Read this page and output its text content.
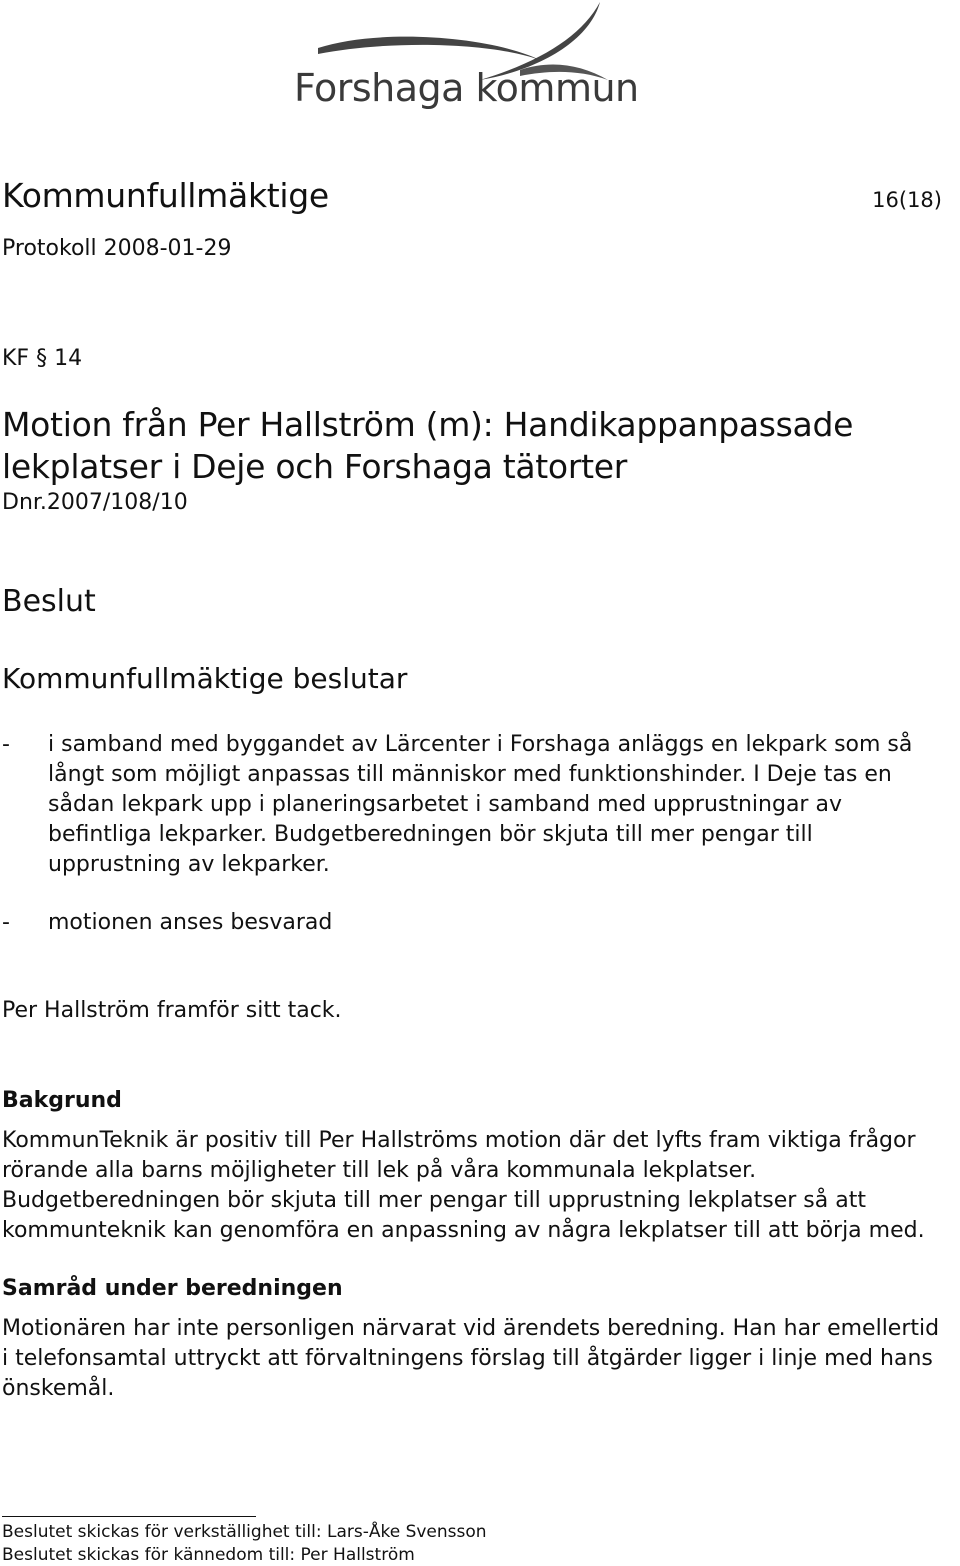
Forshaga kommun
Kommunfullmäktige	16(18)
Protokoll 2008-01-29
KF § 14
Motion från Per Hallström (m): Handikappanpassade
lekplatser i Deje och Forshaga tätorter
Dnr.2007/108/10
Beslut
Kommunfullmäktige beslutar
- i samband med byggandet av Lärcenter i Forshaga anläggs en lekpark som så långt som möjligt anpassas till människor med funktionshinder. I Deje tas en sådan lekpark upp i planeringsarbetet i samband med upprustningar av befintliga lekparker. Budgetberedningen bör skjuta till mer pengar till upprustning av lekparker.
- motionen anses besvarad
Per Hallström framför sitt tack.
Bakgrund
KommunTeknik är positiv till Per Hallströms motion där det lyfts fram viktiga frågor rörande alla barns möjligheter till lek på våra kommunala lekplatser. Budgetberedningen bör skjuta till mer pengar till upprustning lekplatser så att kommunteknik kan genomföra en anpassning av några lekplatser till att börja med.
Samråd under beredningen
Motionären har inte personligen närvarat vid ärendets beredning. Han har emellertid i telefonsamtal uttryckt att förvaltningens förslag till åtgärder ligger i linje med hans önskemål.
Beslutet skickas för verkställighet till: Lars-Åke Svensson
Beslutet skickas för kännedom till: Per Hallström
